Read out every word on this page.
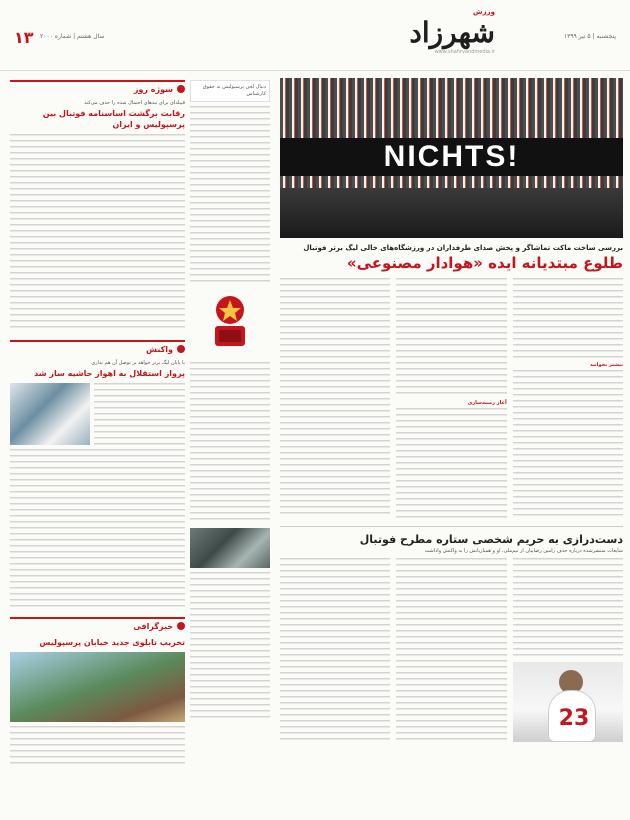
۱۳ سال هشتم | شماره ۲۰۰۰
ورزش
شهرزاد
www.shahrvandmedia.ir
پنجشنبه | ۵ تیر ۱۳۹۹
سوژه روز
قبیله‌ای برای بندهای احتمال شده را حذف می‌کند
رقابت برگشت اساسنامه فوتبال بین پرسپولیس و ایران
واکنش
با پایان لیگ برتر خواهد بر توصل آن هم نداری
پرواز استقلال به اهواز حاشیه ساز شد
خبرگرافی
تخریب تابلوی جدید خیابان پرسپولیس
دنبال لحن پرسپولیس به حقوق کارشناس
NICHTS!
بررسی ساخت ماکت تماشاگر و پخش صدای طرفداران در ورزشگاه‌های خالی لیگ برتر فوتبال
طلوع مبتدیانه ایده «هوادار مصنوعی»
بیشتر بخوانید
آغاز زمینه‌سازی
دست‌درازی به حریم شخصی ستاره مطرح فوتبال
شایعات منتشرشده درباره حذف رامین رضاییان از تیم‌ملی، او و همبازیانش را به واکنش واداشت
23
